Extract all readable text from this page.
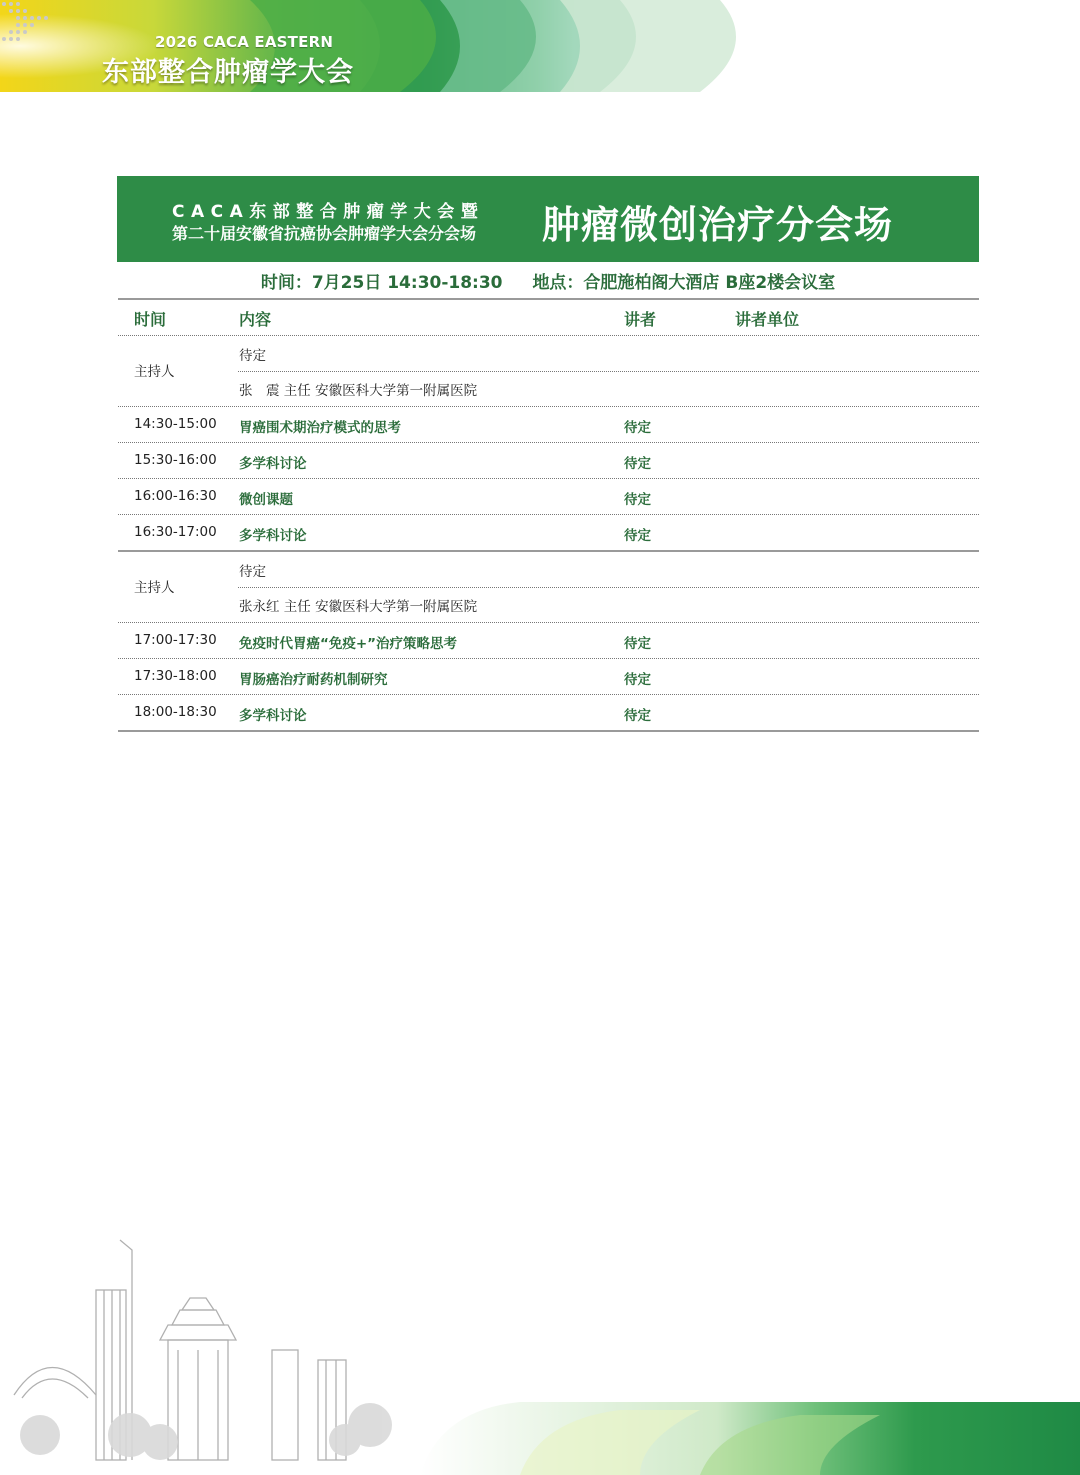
2026 CACA EASTERN
东部整合肿瘤学大会
CACA东部整合肿瘤学大会暨
第二十届安徽省抗癌协会肿瘤学大会分会场 肿瘤微创治疗分会场
时间：7月25日 14:30-18:30 地点：合肥施柏阁大酒店 B座2楼会议室
时间	内容	讲者	讲者单位
主持人
待定
张　震 主任 安徽医科大学第一附属医院
14:30-15:00 胃癌围术期治疗模式的思考	待定
15:30-16:00 多学科讨论	待定
16:00-16:30 微创课题	待定
16:30-17:00 多学科讨论	待定
主持人
待定
张永红 主任 安徽医科大学第一附属医院
17:00-17:30 免疫时代胃癌“免疫+”治疗策略思考	待定
17:30-18:00 胃肠癌治疗耐药机制研究	待定
18:00-18:30 多学科讨论	待定
